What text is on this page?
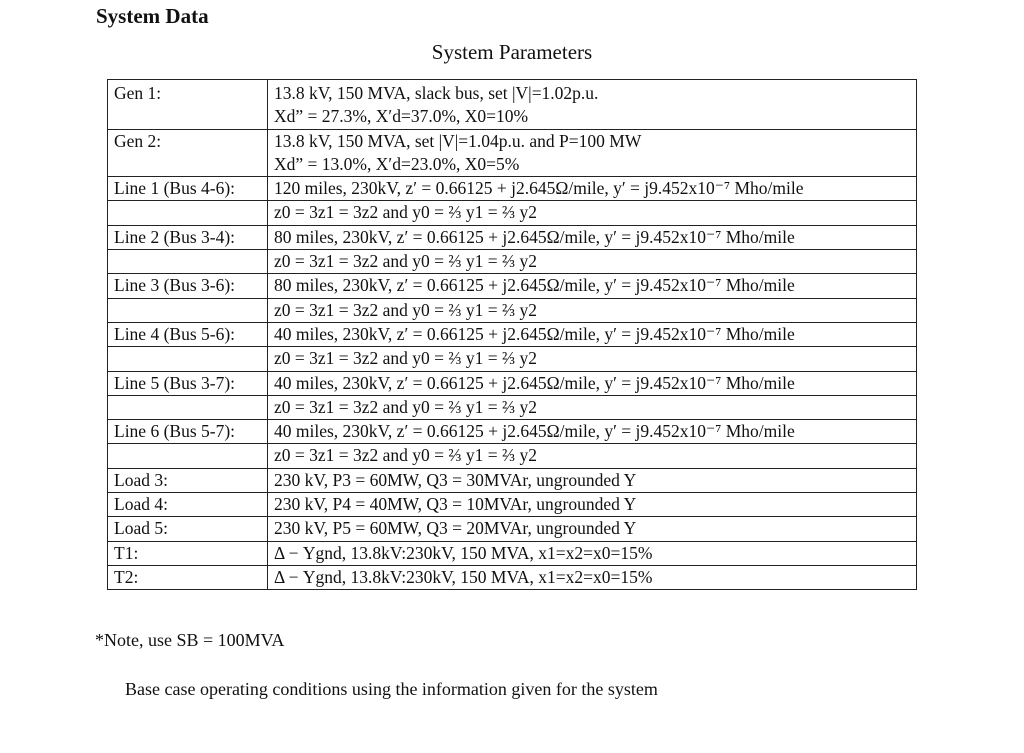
System Data
System Parameters
Gen 1:	13.8 kV, 150 MVA, slack bus, set |V|=1.02p.u.
Xd” = 27.3%, X′d=37.0%, X0=10%

Gen 2:	13.8 kV, 150 MVA, set |V|=1.04p.u. and P=100 MW
Xd” = 13.0%, X′d=23.0%, X0=5%

Line 1 (Bus 4-6):	120 miles, 230kV, z′ = 0.66125 + j2.645Ω/mile, y′ = j9.452x10⁻⁷ Mho/mile

	z0 = 3z1 = 3z2 and y0 = ⅔ y1 = ⅔ y2

Line 2 (Bus 3-4):	80 miles, 230kV, z′ = 0.66125 + j2.645Ω/mile, y′ = j9.452x10⁻⁷ Mho/mile

	z0 = 3z1 = 3z2 and y0 = ⅔ y1 = ⅔ y2

Line 3 (Bus 3-6):	80 miles, 230kV, z′ = 0.66125 + j2.645Ω/mile, y′ = j9.452x10⁻⁷ Mho/mile

	z0 = 3z1 = 3z2 and y0 = ⅔ y1 = ⅔ y2

Line 4 (Bus 5-6):	40 miles, 230kV, z′ = 0.66125 + j2.645Ω/mile, y′ = j9.452x10⁻⁷ Mho/mile

	z0 = 3z1 = 3z2 and y0 = ⅔ y1 = ⅔ y2

Line 5 (Bus 3-7):	40 miles, 230kV, z′ = 0.66125 + j2.645Ω/mile, y′ = j9.452x10⁻⁷ Mho/mile

	z0 = 3z1 = 3z2 and y0 = ⅔ y1 = ⅔ y2

Line 6 (Bus 5-7):	40 miles, 230kV, z′ = 0.66125 + j2.645Ω/mile, y′ = j9.452x10⁻⁷ Mho/mile

	z0 = 3z1 = 3z2 and y0 = ⅔ y1 = ⅔ y2

Load 3:	230 kV, P3 = 60MW, Q3 = 30MVAr, ungrounded Y

Load 4:	230 kV, P4 = 40MW, Q3 = 10MVAr, ungrounded Y

Load 5:	230 kV, P5 = 60MW, Q3 = 20MVAr, ungrounded Y

T1:	Δ − Ygnd, 13.8kV:230kV, 150 MVA, x1=x2=x0=15%

T2:	Δ − Ygnd, 13.8kV:230kV, 150 MVA, x1=x2=x0=15%
*Note, use SB = 100MVA
Base case operating conditions using the information given for the system
